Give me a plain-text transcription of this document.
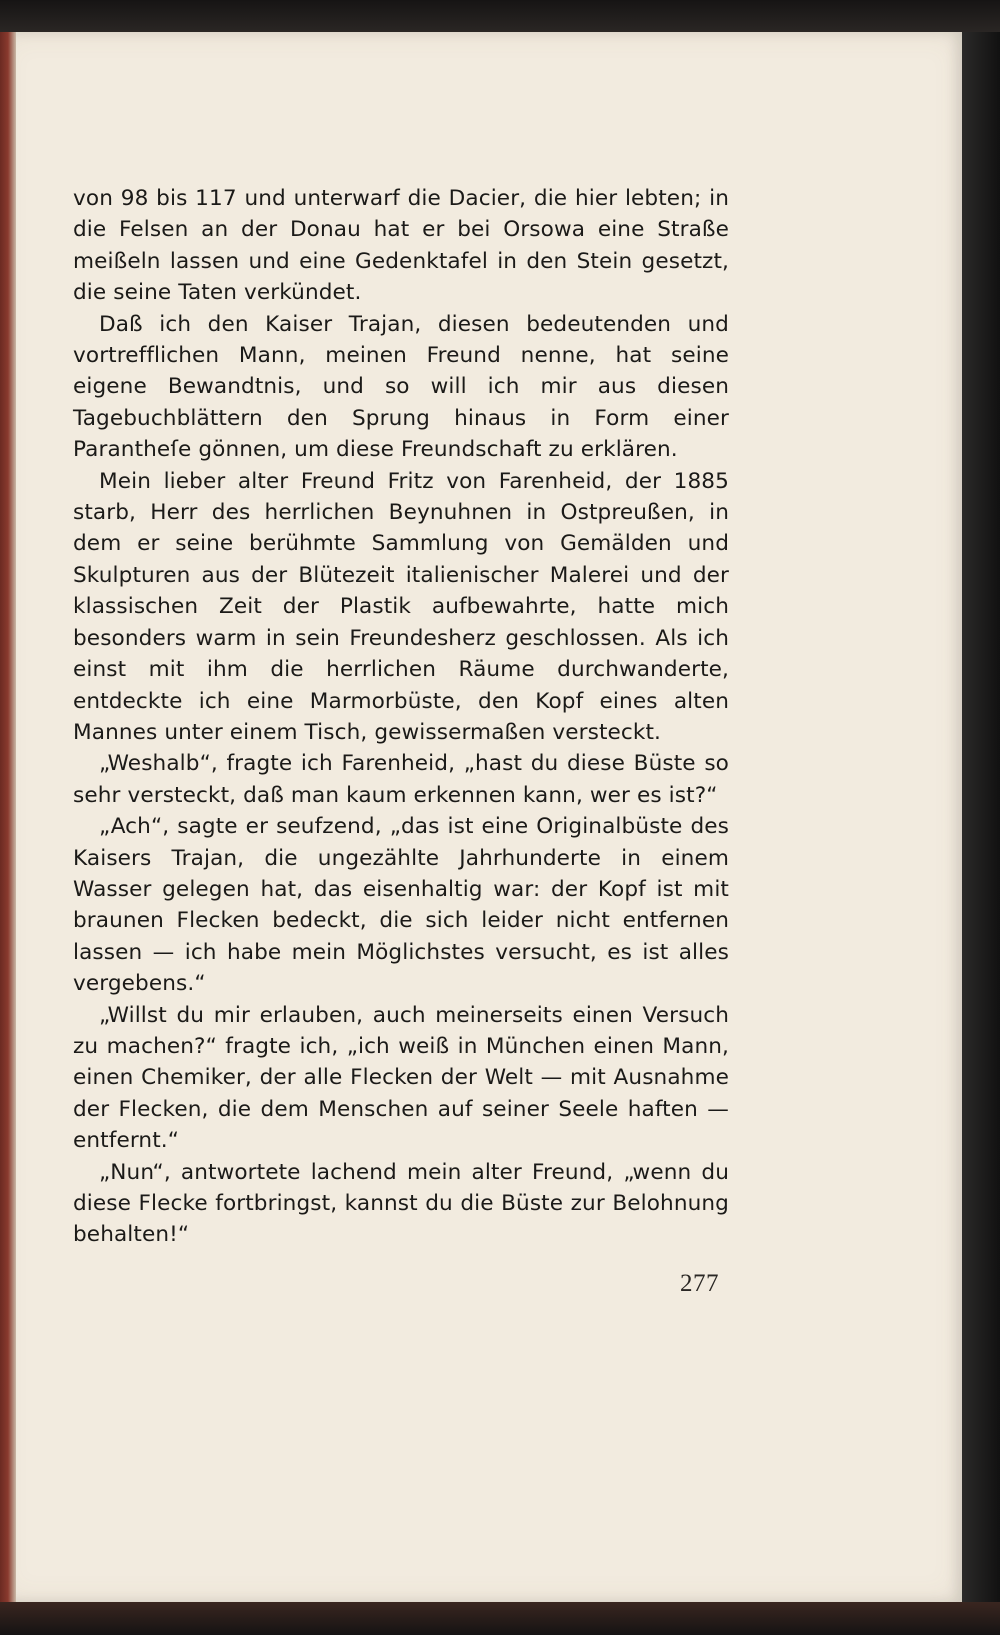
von 98 bis 117 und unterwarf die Dacier, die hier lebten; in die Felsen an der Donau hat er bei Orsowa eine Straße meißeln lassen und eine Gedenktafel in den Stein gesetzt, die seine Taten verkündet.

Daß ich den Kaiser Trajan, diesen bedeutenden und vortrefflichen Mann, meinen Freund nenne, hat seine eigene Bewandtnis, und so will ich mir aus diesen Tagebuchblättern den Sprung hinaus in Form einer Parantheſe gönnen, um diese Freundschaft zu erklären.

Mein lieber alter Freund Fritz von Farenheid, der 1885 starb, Herr des herrlichen Beynuhnen in Ostpreußen, in dem er seine berühmte Sammlung von Gemälden und Skulpturen aus der Blütezeit italienischer Malerei und der klassischen Zeit der Plastik aufbewahrte, hatte mich besonders warm in sein Freundesherz geschlossen. Als ich einst mit ihm die herrlichen Räume durchwanderte, entdeckte ich eine Marmorbüste, den Kopf eines alten Mannes unter einem Tisch, gewissermaßen versteckt.

„Weshalb“, fragte ich Farenheid, „hast du diese Büste so sehr versteckt, daß man kaum erkennen kann, wer es ist?“

„Ach“, sagte er seufzend, „das ist eine Originalbüste des Kaisers Trajan, die ungezählte Jahrhunderte in einem Wasser gelegen hat, das eisenhaltig war: der Kopf ist mit braunen Flecken bedeckt, die sich leider nicht entfernen lassen — ich habe mein Möglichstes versucht, es ist alles vergebens.“

„Willst du mir erlauben, auch meinerseits einen Versuch zu machen?“ fragte ich, „ich weiß in München einen Mann, einen Chemiker, der alle Flecken der Welt — mit Ausnahme der Flecken, die dem Menschen auf seiner Seele haften — entfernt.“

„Nun“, antwortete lachend mein alter Freund, „wenn du diese Flecke fortbringst, kannst du die Büste zur Belohnung behalten!“

277
